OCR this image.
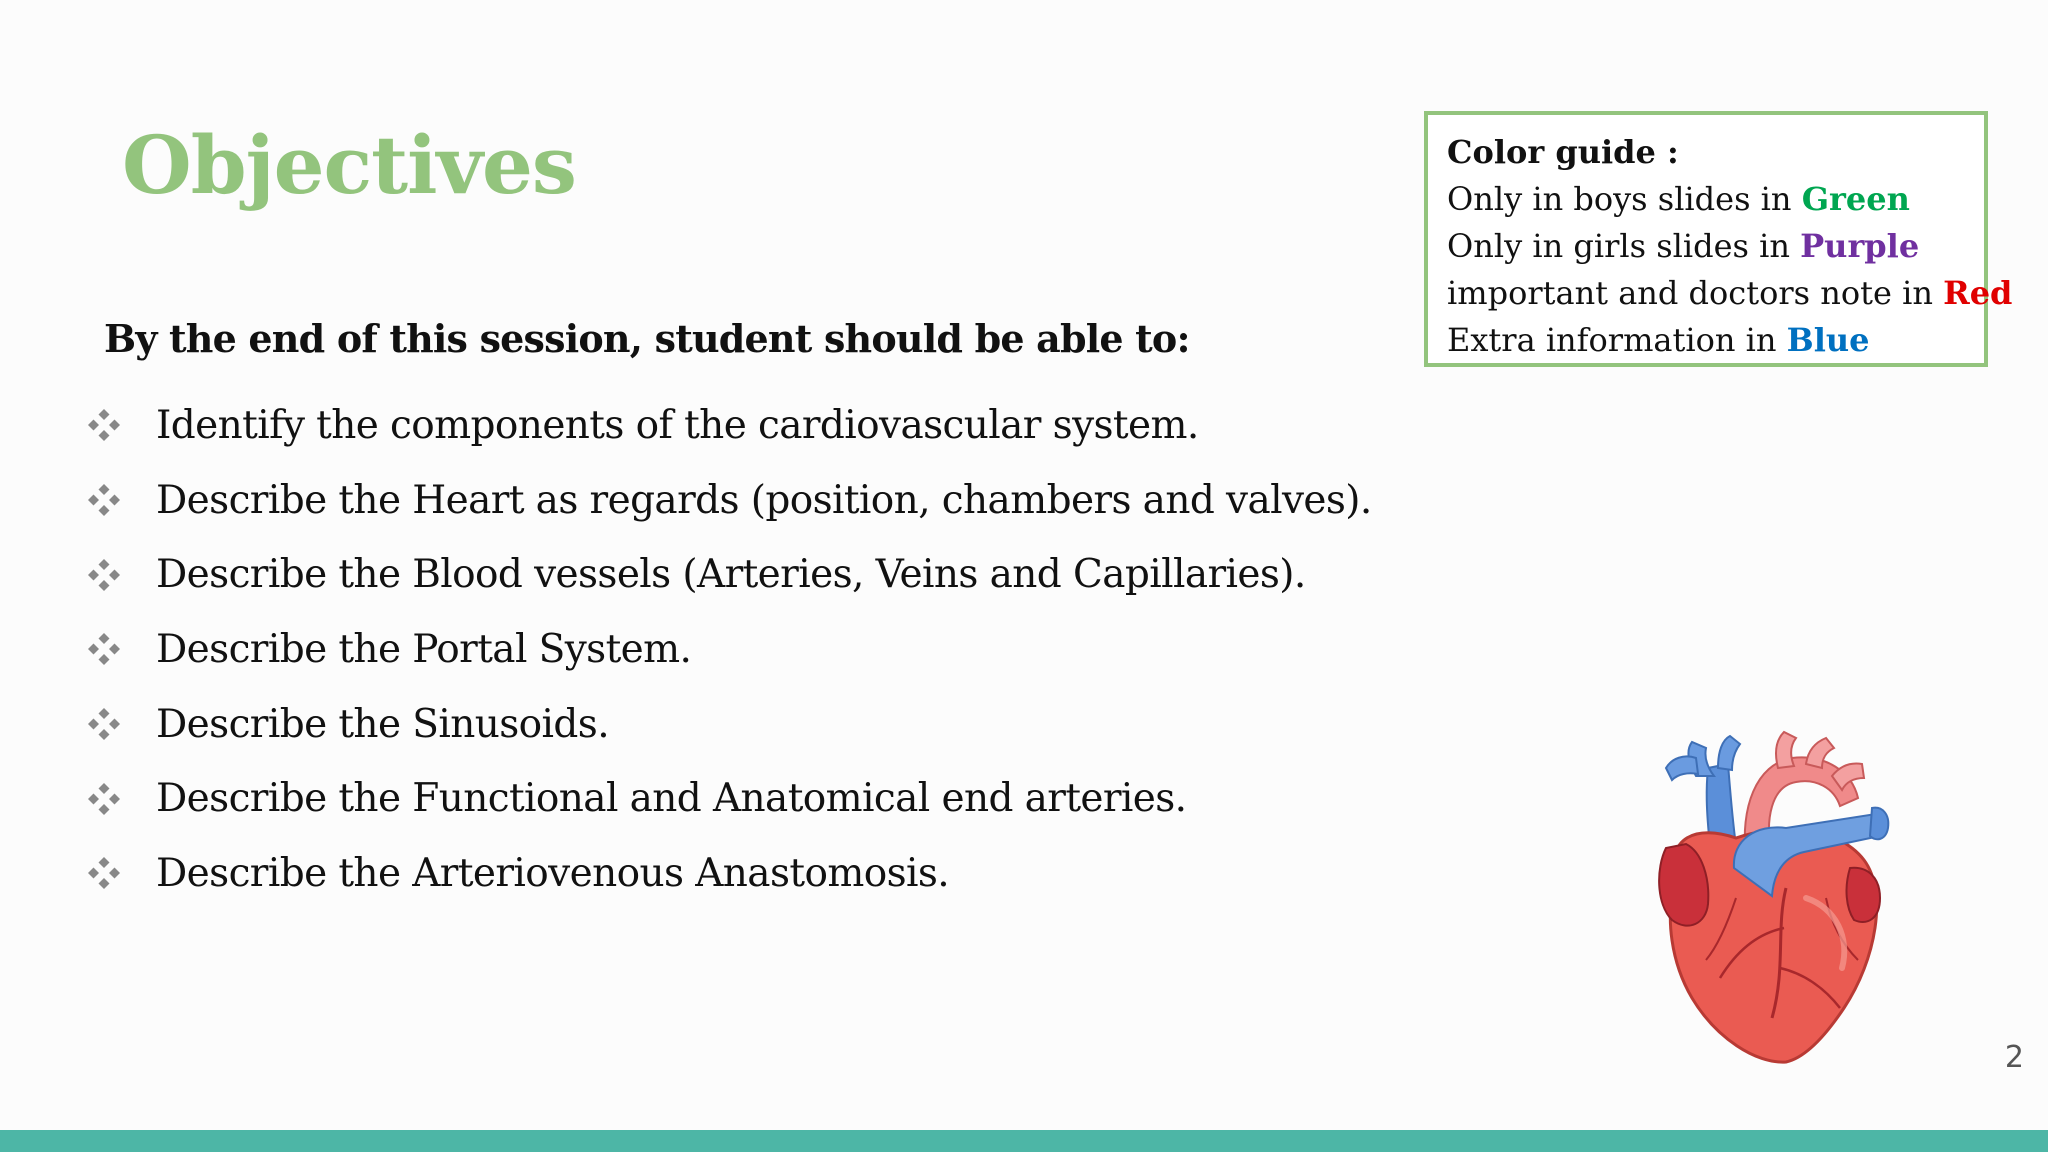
Objectives	Color guide :
Only in boys slides in Green
Only in girls slides in Purple
important and doctors note in Red
Extra information in Blue
By the end of this session, student should be able to:
Identify the components of the cardiovascular system.
Describe the Heart as regards (position, chambers and valves).
Describe the Blood vessels (Arteries, Veins and Capillaries).
Describe the Portal System.
Describe the Sinusoids.
Describe the Functional and Anatomical end arteries.
Describe the Arteriovenous Anastomosis.
2
